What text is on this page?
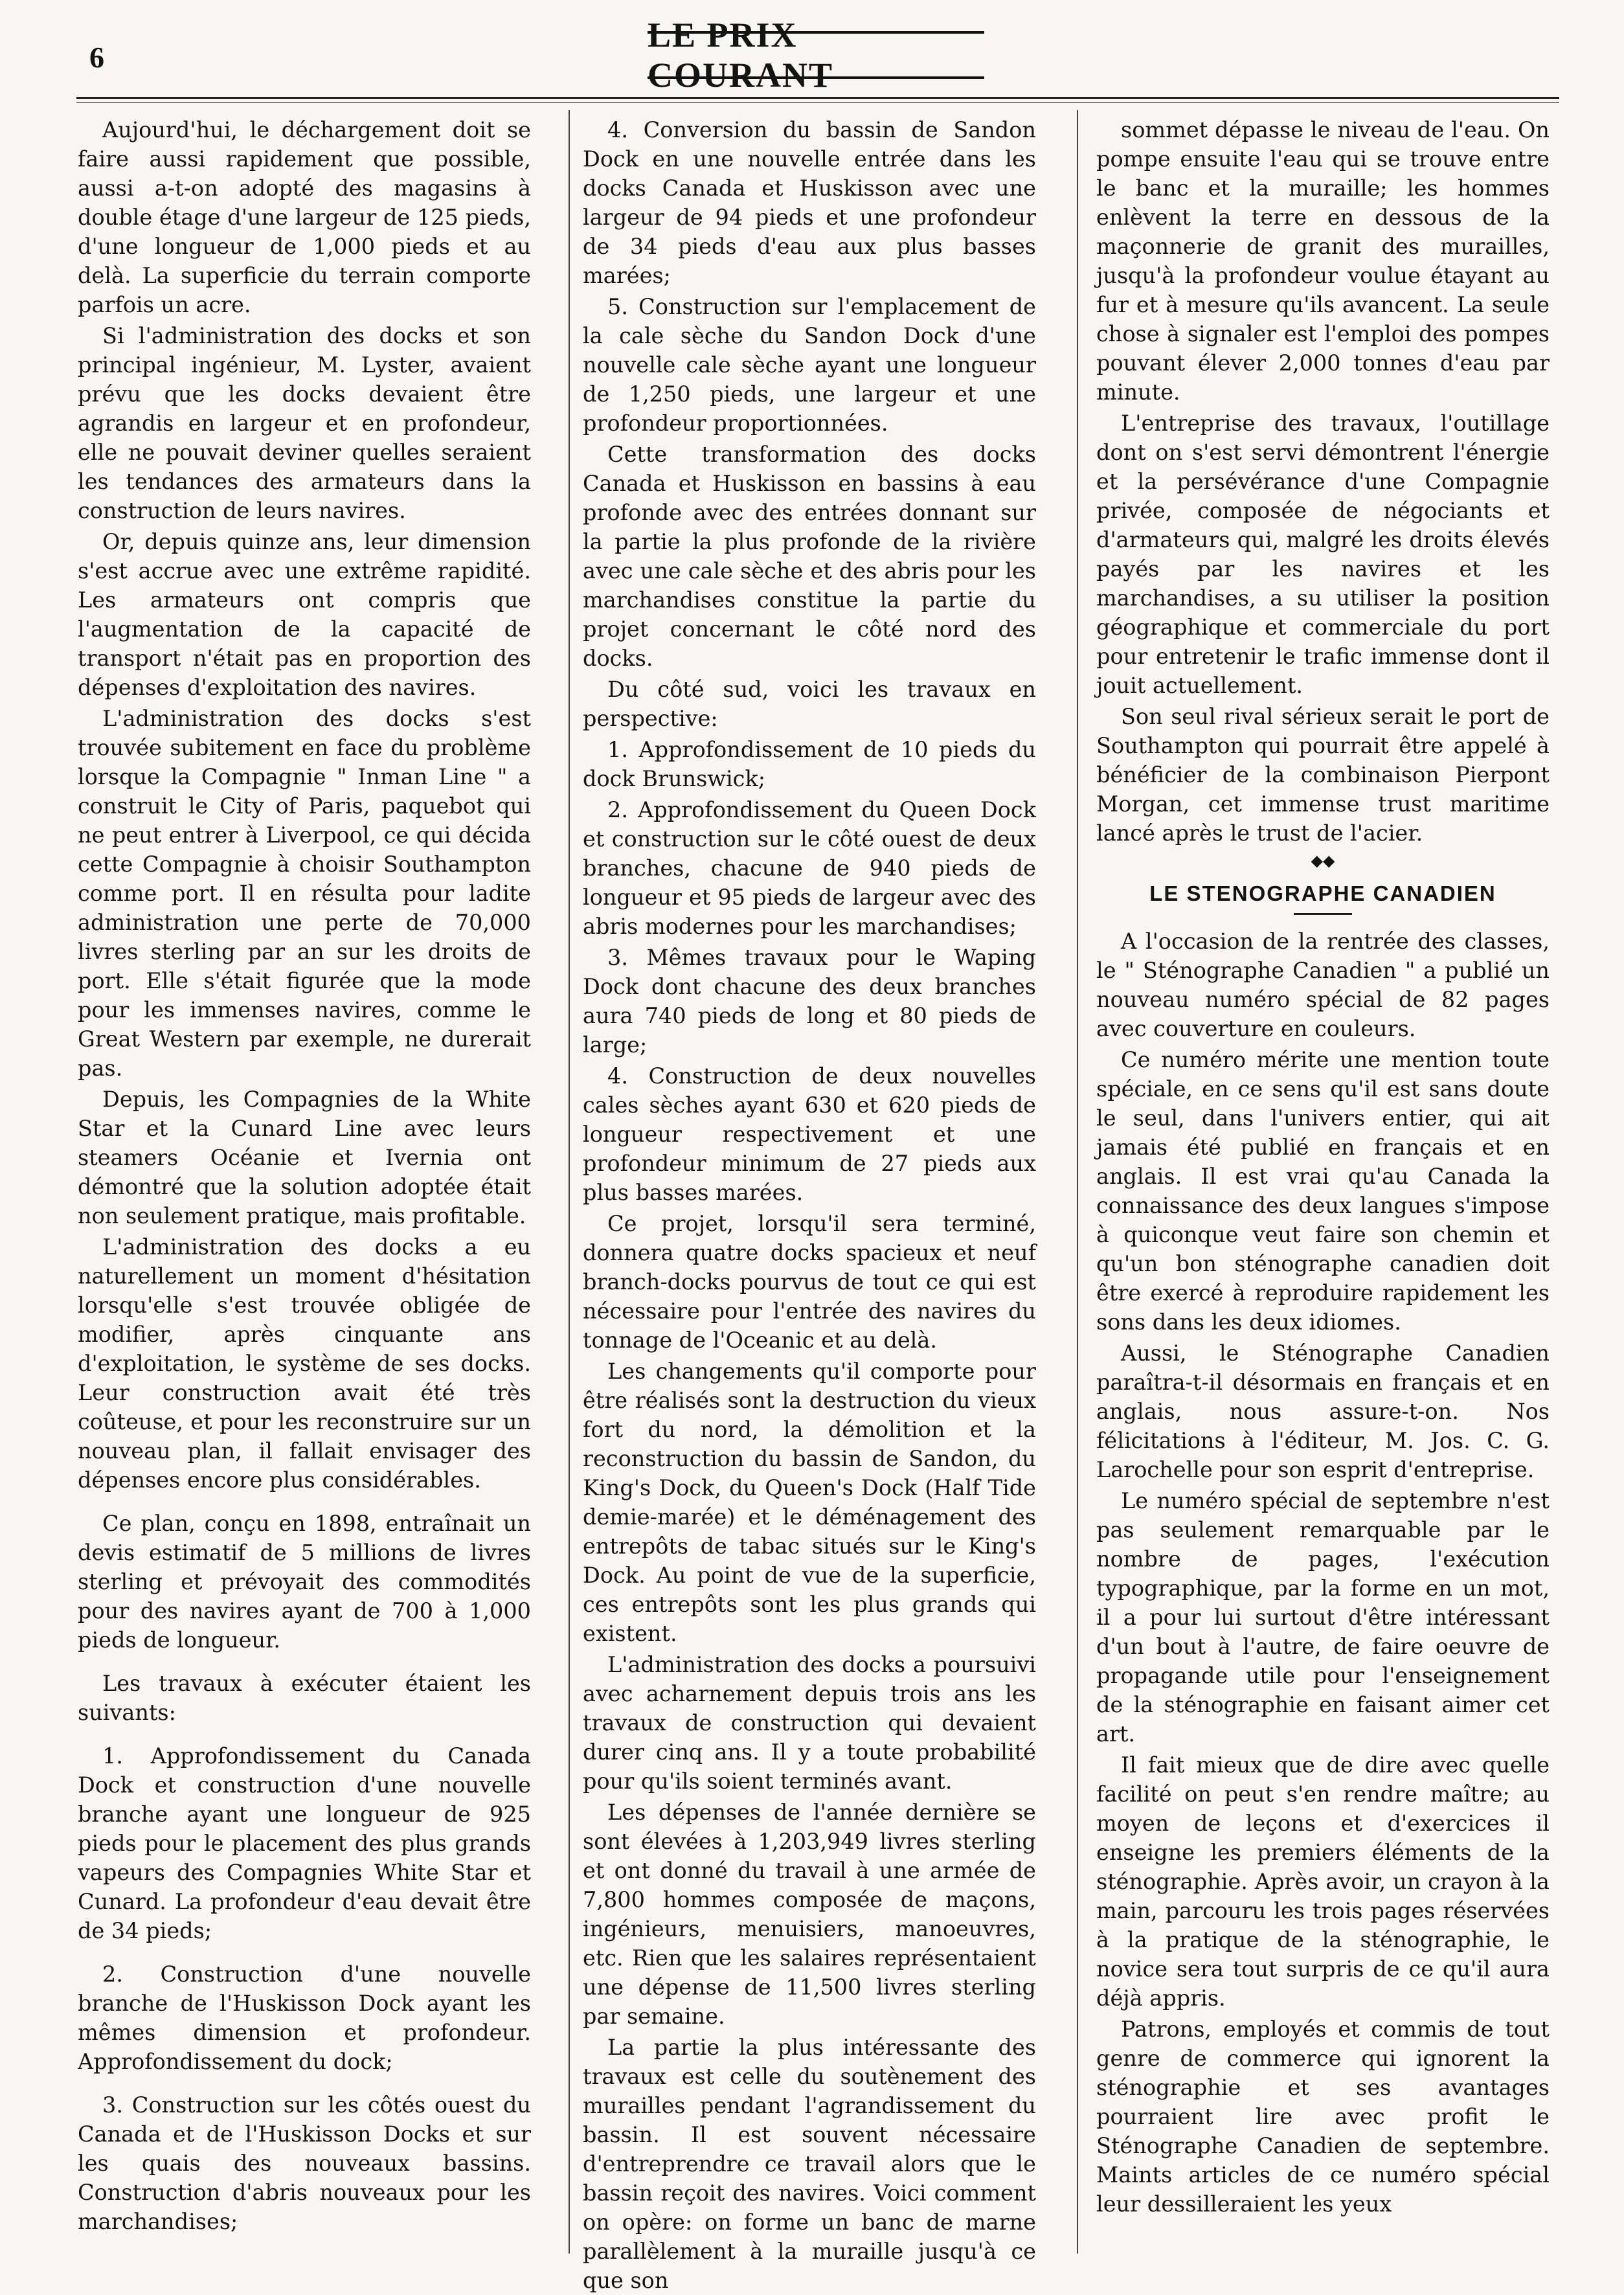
6
LE PRIX COURANT

Aujourd'hui, le déchargement doit se faire aussi rapidement que possible, aussi a-t-on adopté des magasins à double étage d'une largeur de 125 pieds, d'une longueur de 1,000 pieds et au delà. La superficie du terrain comporte parfois un acre.

Si l'administration des docks et son principal ingénieur, M. Lyster, avaient prévu que les docks devaient être agrandis en largeur et en profondeur, elle ne pouvait deviner quelles seraient les tendances des armateurs dans la construction de leurs navires.

Or, depuis quinze ans, leur dimension s'est accrue avec une extrême rapidité. Les armateurs ont compris que l'augmentation de la capacité de transport n'était pas en proportion des dépenses d'exploitation des navires.

L'administration des docks s'est trouvée subitement en face du problème lorsque la Compagnie " Inman Line " a construit le City of Paris, paquebot qui ne peut entrer à Liverpool, ce qui décida cette Compagnie à choisir Southampton comme port. Il en résulta pour ladite administration une perte de 70,000 livres sterling par an sur les droits de port. Elle s'était figurée que la mode pour les immenses navires, comme le Great Western par exemple, ne durerait pas.

Depuis, les Compagnies de la White Star et la Cunard Line avec leurs steamers Océanie et Ivernia ont démontré que la solution adoptée était non seulement pratique, mais profitable.

L'administration des docks a eu naturellement un moment d'hésitation lorsqu'elle s'est trouvée obligée de modifier, après cinquante ans d'exploitation, le système de ses docks. Leur construction avait été très coûteuse, et pour les reconstruire sur un nouveau plan, il fallait envisager des dépenses encore plus considérables.

Ce plan, conçu en 1898, entraînait un devis estimatif de 5 millions de livres sterling et prévoyait des commodités pour des navires ayant de 700 à 1,000 pieds de longueur.

Les travaux à exécuter étaient les suivants:

1. Approfondissement du Canada Dock et construction d'une nouvelle branche ayant une longueur de 925 pieds pour le placement des plus grands vapeurs des Compagnies White Star et Cunard. La profondeur d'eau devait être de 34 pieds;

2. Construction d'une nouvelle branche de l'Huskisson Dock ayant les mêmes dimension et profondeur. Approfondissement du dock;

3. Construction sur les côtés ouest du Canada et de l'Huskisson Docks et sur les quais des nouveaux bassins. Construction d'abris nouveaux pour les marchandises;

4. Conversion du bassin de Sandon Dock en une nouvelle entrée dans les docks Canada et Huskisson avec une largeur de 94 pieds et une profondeur de 34 pieds d'eau aux plus basses marées;

5. Construction sur l'emplacement de la cale sèche du Sandon Dock d'une nouvelle cale sèche ayant une longueur de 1,250 pieds, une largeur et une profondeur proportionnées.

Cette transformation des docks Canada et Huskisson en bassins à eau profonde avec des entrées donnant sur la partie la plus profonde de la rivière avec une cale sèche et des abris pour les marchandises constitue la partie du projet concernant le côté nord des docks.

Du côté sud, voici les travaux en perspective:

1. Approfondissement de 10 pieds du dock Brunswick;

2. Approfondissement du Queen Dock et construction sur le côté ouest de deux branches, chacune de 940 pieds de longueur et 95 pieds de largeur avec des abris modernes pour les marchandises;

3. Mêmes travaux pour le Waping Dock dont chacune des deux branches aura 740 pieds de long et 80 pieds de large;

4. Construction de deux nouvelles cales sèches ayant 630 et 620 pieds de longueur respectivement et une profondeur minimum de 27 pieds aux plus basses marées.

Ce projet, lorsqu'il sera terminé, donnera quatre docks spacieux et neuf branch-docks pourvus de tout ce qui est nécessaire pour l'entrée des navires du tonnage de l'Oceanic et au delà.

Les changements qu'il comporte pour être réalisés sont la destruction du vieux fort du nord, la démolition et la reconstruction du bassin de Sandon, du King's Dock, du Queen's Dock (Half Tide demie-marée) et le déménagement des entrepôts de tabac situés sur le King's Dock. Au point de vue de la superficie, ces entrepôts sont les plus grands qui existent.

L'administration des docks a poursuivi avec acharnement depuis trois ans les travaux de construction qui devaient durer cinq ans. Il y a toute probabilité pour qu'ils soient terminés avant.

Les dépenses de l'année dernière se sont élevées à 1,203,949 livres sterling et ont donné du travail à une armée de 7,800 hommes composée de maçons, ingénieurs, menuisiers, manoeuvres, etc. Rien que les salaires représentaient une dépense de 11,500 livres sterling par semaine.

La partie la plus intéressante des travaux est celle du soutènement des murailles pendant l'agrandissement du bassin. Il est souvent nécessaire d'entreprendre ce travail alors que le bassin reçoit des navires. Voici comment on opère: on forme un banc de marne parallèlement à la muraille jusqu'à ce que son

sommet dépasse le niveau de l'eau. On pompe ensuite l'eau qui se trouve entre le banc et la muraille; les hommes enlèvent la terre en dessous de la maçonnerie de granit des murailles, jusqu'à la profondeur voulue étayant au fur et à mesure qu'ils avancent. La seule chose à signaler est l'emploi des pompes pouvant élever 2,000 tonnes d'eau par minute.

L'entreprise des travaux, l'outillage dont on s'est servi démontrent l'énergie et la persévérance d'une Compagnie privée, composée de négociants et d'armateurs qui, malgré les droits élevés payés par les navires et les marchandises, a su utiliser la position géographique et commerciale du port pour entretenir le trafic immense dont il jouit actuellement.

Son seul rival sérieux serait le port de Southampton qui pourrait être appelé à bénéficier de la combinaison Pierpont Morgan, cet immense trust maritime lancé après le trust de l'acier.

◆◆
LE STENOGRAPHE CANADIEN

A l'occasion de la rentrée des classes, le " Sténographe Canadien " a publié un nouveau numéro spécial de 82 pages avec couverture en couleurs.

Ce numéro mérite une mention toute spéciale, en ce sens qu'il est sans doute le seul, dans l'univers entier, qui ait jamais été publié en français et en anglais. Il est vrai qu'au Canada la connaissance des deux langues s'impose à quiconque veut faire son chemin et qu'un bon sténographe canadien doit être exercé à reproduire rapidement les sons dans les deux idiomes.

Aussi, le Sténographe Canadien paraîtra-t-il désormais en français et en anglais, nous assure-t-on. Nos félicitations à l'éditeur, M. Jos. C. G. Larochelle pour son esprit d'entreprise.

Le numéro spécial de septembre n'est pas seulement remarquable par le nombre de pages, l'exécution typographique, par la forme en un mot, il a pour lui surtout d'être intéressant d'un bout à l'autre, de faire oeuvre de propagande utile pour l'enseignement de la sténographie en faisant aimer cet art.

Il fait mieux que de dire avec quelle facilité on peut s'en rendre maître; au moyen de leçons et d'exercices il enseigne les premiers éléments de la sténographie. Après avoir, un crayon à la main, parcouru les trois pages réservées à la pratique de la sténographie, le novice sera tout surpris de ce qu'il aura déjà appris.

Patrons, employés et commis de tout genre de commerce qui ignorent la sténographie et ses avantages pourraient lire avec profit le Sténographe Canadien de septembre. Maints articles de ce numéro spécial leur dessilleraient les yeux
